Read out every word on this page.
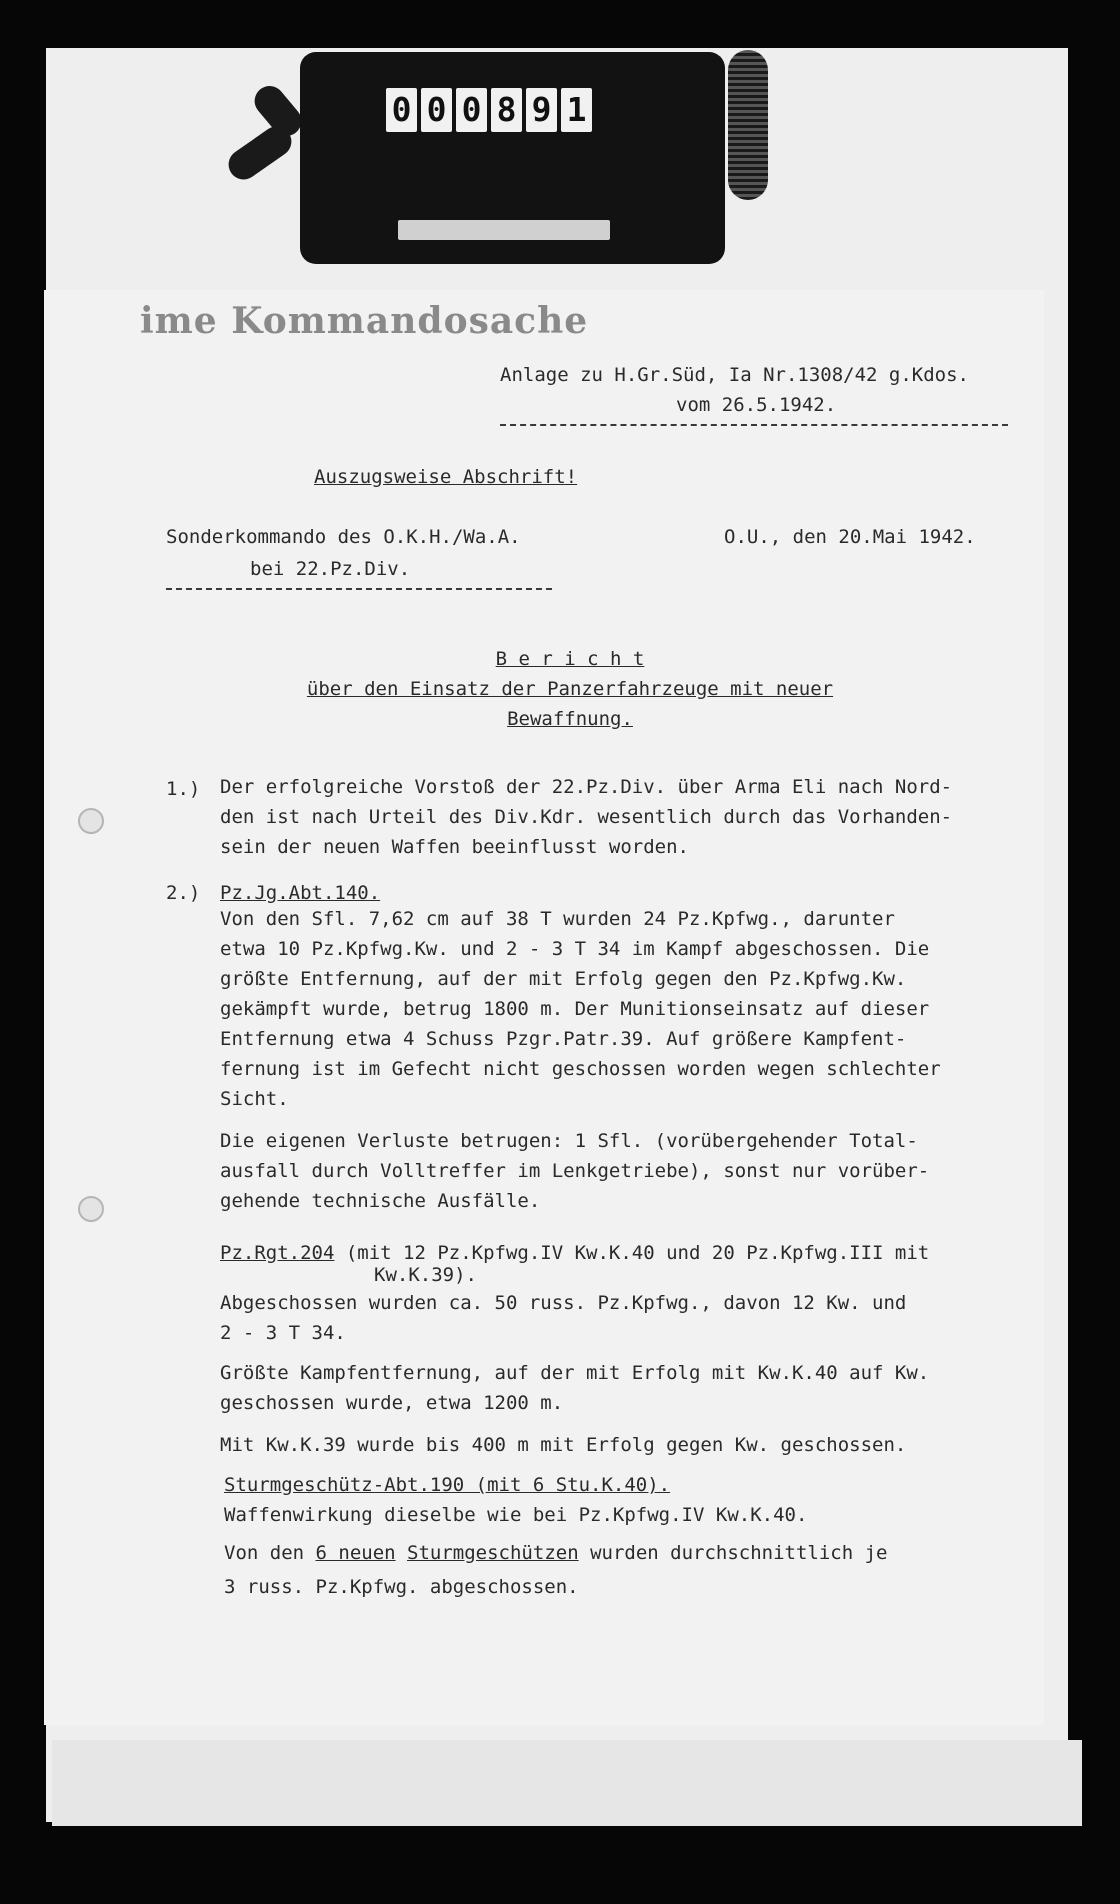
0 0 0 8 9 1
ime Kommandosache
Anlage zu H.Gr.Süd, Ia Nr.1308/42 g.Kdos.
vom 26.5.1942.
Auszugsweise Abschrift!
Sonderkommando des O.K.H./Wa.A.
bei 22.Pz.Div.
O.U., den 20.Mai 1942.
B e r i c h t
über den Einsatz der Panzerfahrzeuge mit neuer
Bewaffnung.
1.) Der erfolgreiche Vorstoß der 22.Pz.Div. über Arma Eli nach Nord-
den ist nach Urteil des Div.Kdr. wesentlich durch das Vorhanden-
sein der neuen Waffen beeinflusst worden.
2.) Pz.Jg.Abt.140.
Von den Sfl. 7,62 cm auf 38 T wurden 24 Pz.Kpfwg., darunter
etwa 10 Pz.Kpfwg.Kw. und 2 - 3 T 34 im Kampf abgeschossen. Die
größte Entfernung, auf der mit Erfolg gegen den Pz.Kpfwg.Kw.
gekämpft wurde, betrug 1800 m. Der Munitionseinsatz auf dieser
Entfernung etwa 4 Schuss Pzgr.Patr.39. Auf größere Kampfent-
fernung ist im Gefecht nicht geschossen worden wegen schlechter
Sicht.
Die eigenen Verluste betrugen: 1 Sfl. (vorübergehender Total-
ausfall durch Volltreffer im Lenkgetriebe), sonst nur vorüber-
gehende technische Ausfälle.
Pz.Rgt.204 (mit 12 Pz.Kpfwg.IV Kw.K.40 und 20 Pz.Kpfwg.III mit
Kw.K.39).
Abgeschossen wurden ca. 50 russ. Pz.Kpfwg., davon 12 Kw. und
2 - 3 T 34.
Größte Kampfentfernung, auf der mit Erfolg mit Kw.K.40 auf Kw.
geschossen wurde, etwa 1200 m.
Mit Kw.K.39 wurde bis 400 m mit Erfolg gegen Kw. geschossen.
Sturmgeschütz-Abt.190 (mit 6 Stu.K.40).
Waffenwirkung dieselbe wie bei Pz.Kpfwg.IV Kw.K.40.
Von den 6 neuen Sturmgeschützen wurden durchschnittlich je
3 russ. Pz.Kpfwg. abgeschossen.
